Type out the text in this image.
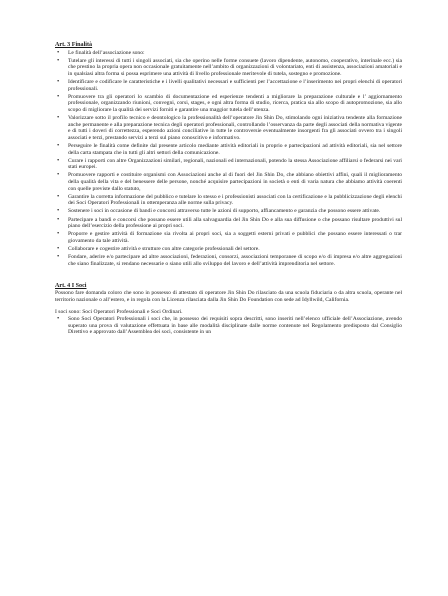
Art. 3 Finalità
• Le finalità dell’associazione sono:
• Tutelare gli interessi di tutti i singoli associati, sia che operino nelle forme consuete (lavoro dipendente, autonomo, cooperativo, interinale ecc.) sia che prestino la propria opera non occasionale gratuitamente nell’ambito di organizzazioni di volontariato, enti di assistenza, associazioni amatoriali e in qualsiasi altra forma si possa esprimere una attività di livello professionale meritevole di tutela, sostegno e promozione.
• Identificare e codificare le caratteristiche e i livelli qualitativi necessari e sufficienti per l’accettazione e l’inserimento nei propri elenchi di operatori professionali.
• Promuovere tra gli operatori lo scambio di documentazione ed esperienze tendenti a migliorare la preparazione culturale e l’ aggiornamento professionale, organizzando riunioni, convegni, corsi, stages, e ogni altra forma di studio, ricerca, pratica sia allo scopo di autopromozione, sia allo scopo di migliorare la qualità dei servizi forniti e garantire una maggior tutela dell’utenza.
• Valorizzare sotto il profilo tecnico e deontologico la professionalità dell’operatore Jin Shin Do, stimolando ogni iniziativa tendente alla formazione anche permanente e alla preparazione tecnica degli operatori professionali, controllando l’osservanza da parte degli associati della normativa vigente e di tutti i doveri di correttezza, esperendo azioni conciliative in tutte le controversie eventualmente insorgenti fra gli associati ovvero tra i singoli associati e terzi, prestando servizi a terzi sul piano conoscitivo e informativo.
• Perseguire le finalità come definite dal presente articolo mediante attività editoriali in proprio e partecipazioni ad attività editoriali, sia nel settore della carta stampata che in tutti gli altri settori della comunicazione.
• Curare i rapporti con altre Organizzazioni similari, regionali, nazionali ed internazionali, potendo la stessa Associazione affiliarsi o federarsi nei vari stati europei.
• Promuovere rapporti e costituire organismi con Associazioni anche al di fuori del Jin Shin Do, che abbiano obiettivi affini, quali il miglioramento della qualità della vita e del benessere delle persone, nonché acquisire partecipazioni in società o enti di varia natura che abbiamo attività coerenti con quelle previste dallo statuto,
• Garantire la corretta informazione del pubblico e tutelare lo stesso e i professionisti associati con la certificazione e la pubblicizzazione degli elenchi dei Soci Operatori Professionali in ottemperanza alle norme sulla privacy.
• Sostenere i soci in occasione di bandi e concorsi attraverso tutte le azioni di supporto, affiancamento e garanzia che possono essere attivate.
• Partecipare a bandi e concorsi che possano essere utili alla salvaguardia del Jin Shin Do e alla sua diffusione o che possano risultare produttivi sul piano dell’esercizio della professione ai propri soci.
• Proporre e gestire attività di formazione sia rivolta ai propri soci, sia a soggetti esterni privati e pubblici che possano essere interessati o trar giovamento da tale attività.
• Collaborare e cogestire attività e strutture con altre categorie professionali del settore.
• Fondare, aderire e/o partecipare ad altre associazioni, federazioni, consorzi, associazioni temporanee di scopo e/o di impresa e/o altre aggregazioni che siano finalizzate, si rendano necessarie o siano utili allo sviluppo del lavoro e dell’attività imprenditoria nel settore.
Art. 4 I Soci

Possono fare domanda coloro che sono in possesso di attestato di operatore Jin Shin Do rilasciato da una scuola fiduciaria o da altra scuola, operante nel territorio nazionale o all’estero, e in regola con la Licenza rilasciata dalla Jin Shin Do Foundation con sede ad Idyllwild, California.

I soci sono: Soci Operatori Professionali e Soci Ordinari.

• Sono Soci Operatori Professionali i soci che, in possesso dei requisiti sopra descritti, sono inseriti nell’elenco ufficiale dell’Associazione, avendo superato una prova di valutazione effettuata in base alle modalità disciplinate dalle norme contenute nel Regolamento predisposto dal Consiglio Direttivo e approvato dall’Assemblea dei soci, consistente in un
